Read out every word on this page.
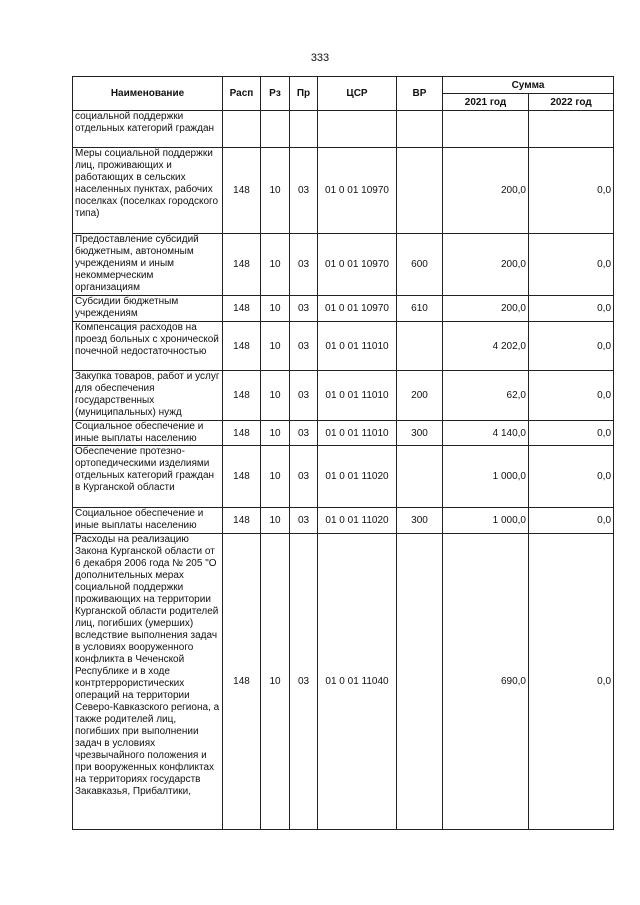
333
Наименование	Расп	Рз	Пр	ЦСР	ВР	Сумма	
						2021 год	2022 год
социальной поддержки отдельных категорий граждан							
Меры социальной поддержки лиц, проживающих и работающих в сельских населенных пунктах, рабочих поселках (поселках городского типа)	148	10	03	01 0 01 10970		200,0	0,0
Предоставление субсидий бюджетным, автономным учреждениям и иным некоммерческим организациям	148	10	03	01 0 01 10970	600	200,0	0,0
Субсидии бюджетным учреждениям	148	10	03	01 0 01 10970	610	200,0	0,0
Компенсация расходов на проезд больных с хронической почечной недостаточностью	148	10	03	01 0 01 11010		4 202,0	0,0
Закупка товаров, работ и услуг для обеспечения государственных (муниципальных) нужд	148	10	03	01 0 01 11010	200	62,0	0,0
Социальное обеспечение и иные выплаты населению	148	10	03	01 0 01 11010	300	4 140,0	0,0
Обеспечение протезно-ортопедическими изделиями отдельных категорий граждан в Курганской области	148	10	03	01 0 01 11020		1 000,0	0,0
Социальное обеспечение и иные выплаты населению	148	10	03	01 0 01 11020	300	1 000,0	0,0
Расходы на реализацию Закона Курганской области от 6 декабря 2006 года № 205 "О дополнительных мерах социальной поддержки проживающих на территории Курганской области родителей лиц, погибших (умерших) вследствие выполнения задач в условиях вооруженного конфликта в Чеченской Республике и в ходе контртеррористических операций на территории Северо-Кавказского региона, а также родителей лиц, погибших при выполнении задач в условиях чрезвычайного положения и при вооруженных конфликтах на территориях государств Закавказья, Прибалтики,	148	10	03	01 0 01 11040		690,0	0,0
